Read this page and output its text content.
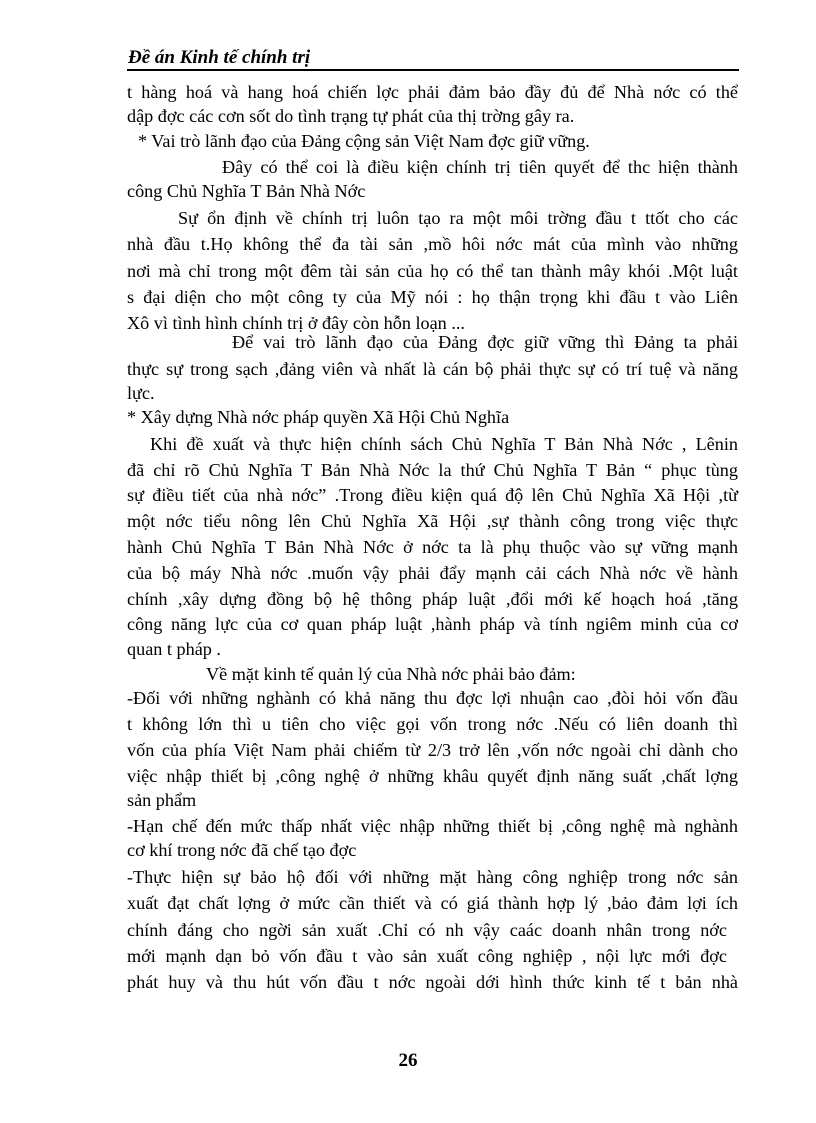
Đề án Kinh tế chính trị
t hàng hoá và hang hoá chiến lợc phải đảm bảo đầy đủ để Nhà nớc có thể
dập đợc các cơn sốt do tình trạng tự phát của thị trờng gây ra.
* Vai trò lãnh đạo của Đảng cộng sản Việt Nam đợc giữ vững.
Đây có thể coi là điều kiện chính trị tiên quyết để thc hiện thành
công Chủ Nghĩa T Bản Nhà Nớc
Sự ổn định về chính trị luôn tạo ra một môi trờng đầu t ttốt cho các
nhà đầu t.Họ không thể đa tài sản ,mồ hôi nớc mát của mình vào những
nơi mà chỉ trong một đêm tài sản của họ có thể tan thành mây khói .Một luật
s đại diện cho một công ty của Mỹ nói : họ thận trọng khi đầu t vào Liên
Xô vì tình hình chính trị ở đây còn hỗn loạn ...
Để vai trò lãnh đạo của Đảng đợc giữ vững thì Đảng ta phải
thực sự trong sạch ,đảng viên và nhất là cán bộ phải thực sự có trí tuệ và năng
lực.
* Xây dựng Nhà nớc pháp quyền Xã Hội Chủ Nghĩa
Khi đề xuất và thực hiện chính sách Chủ Nghĩa T Bản Nhà Nớc , Lênin
đã chỉ rõ Chủ Nghĩa T Bản Nhà Nớc la thứ Chủ Nghĩa T Bản “ phục tùng
sự điều tiết của nhà nớc” .Trong điều kiện quá độ lên Chủ Nghĩa Xã Hội ,từ
một nớc tiểu nông lên Chủ Nghĩa Xã Hội ,sự thành công trong việc thực
hành Chủ Nghĩa T Bản Nhà Nớc ở nớc ta là phụ thuộc vào sự vững mạnh
của bộ máy Nhà nớc .muốn vậy phải đẩy mạnh cải cách Nhà nớc về hành
chính ,xây dựng đồng bộ hệ thông pháp luật ,đổi mới kế hoạch hoá ,tăng
công năng lực của cơ quan pháp luật ,hành pháp và tính ngiêm minh của cơ
quan t pháp .
Về mặt kinh tế quản lý của Nhà nớc phải bảo đảm:
-Đối với những nghành có khả năng thu đợc lợi nhuận cao ,đòi hỏi vốn đầu
t không lớn thì u tiên cho việc gọi vốn trong nớc .Nếu có liên doanh thì
vốn của phía Việt Nam phải chiếm từ 2/3 trở lên ,vốn nớc ngoài chỉ dành cho
việc nhập thiết bị ,công nghệ ở những khâu quyết định năng suất ,chất lợng
sản phẩm
-Hạn chế đến mức thấp nhất việc nhập những thiết bị ,công nghệ mà nghành
cơ khí trong nớc đã chế tạo đợc
-Thực hiện sự bảo hộ đối với những mặt hàng công nghiệp trong nớc sản
xuất đạt chất lợng ở mức cần thiết và có giá thành hợp lý ,bảo đảm lợi ích
chính đáng cho ngời sản xuất .Chỉ có nh vậy caác doanh nhân trong nớc
mới mạnh dạn bỏ vốn đầu t vào sản xuất công nghiệp , nội lực mới đợc
phát huy và thu hút vốn đầu t nớc ngoài dới hình thức kinh tế t bản nhà
26
